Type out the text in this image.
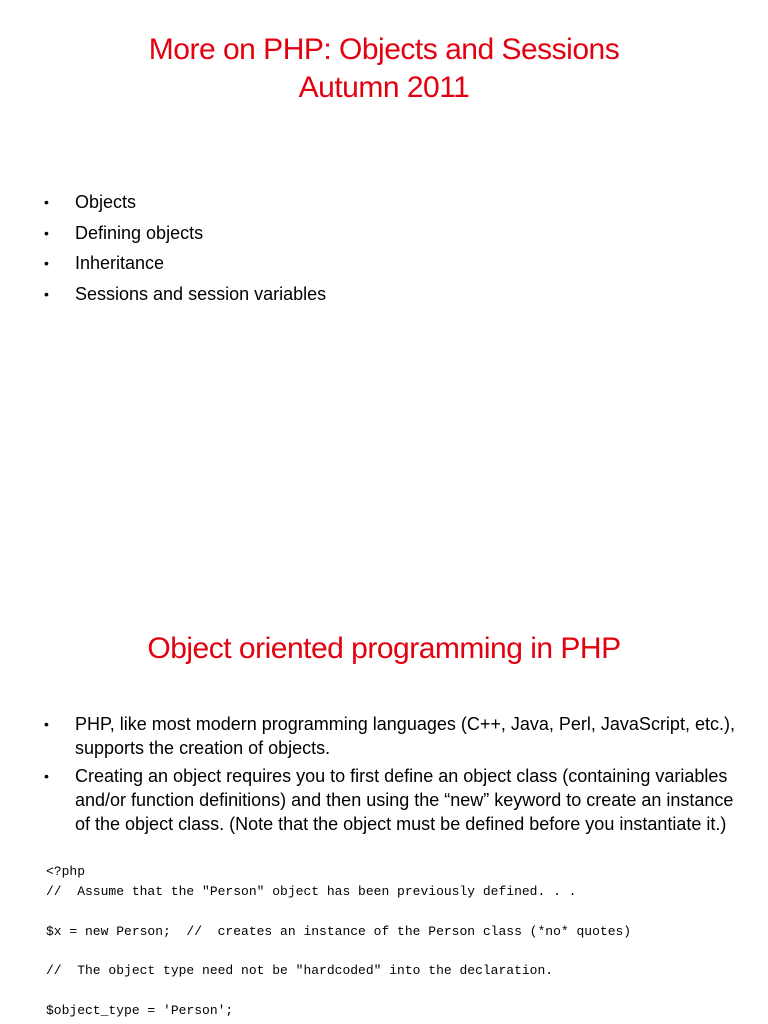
More on PHP: Objects and Sessions
Autumn 2011
• Objects
• Defining objects
• Inheritance
• Sessions and session variables
Object oriented programming in PHP
• PHP, like most modern programming languages (C++, Java, Perl, JavaScript, etc.), supports the creation of objects.
• Creating an object requires you to first define an object class (containing variables and/or function definitions) and then using the “new” keyword to create an instance of the object class. (Note that the object must be defined before you instantiate it.)
<?php
//  Assume that the "Person" object has been previously defined. . .
$x = new Person;  //  creates an instance of the Person class (*no* quotes)
//  The object type need not be "hardcoded" into the declaration.
$object_type = 'Person';
